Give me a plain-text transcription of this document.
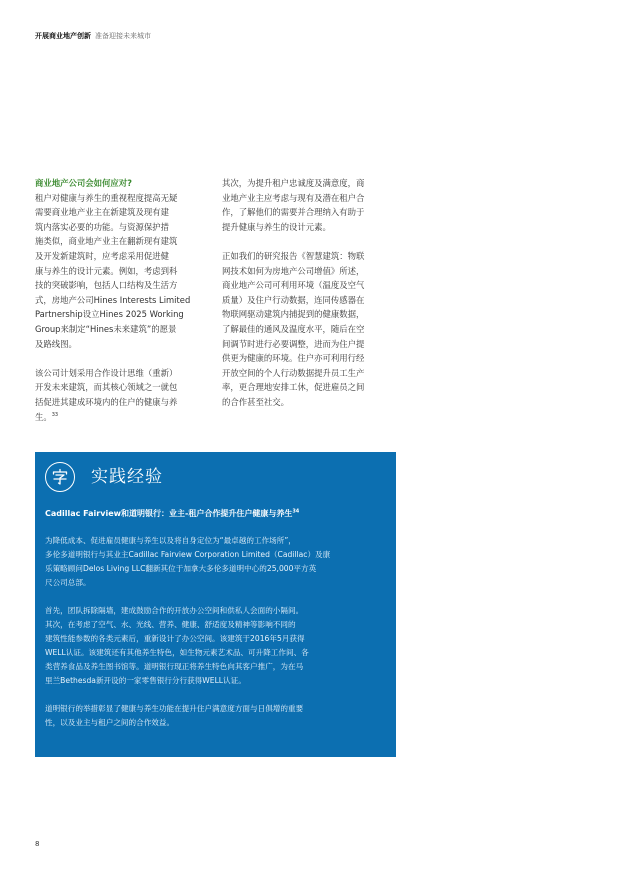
开展商业地产创新 准备迎接未来城市

商业地产公司会如何应对?

租户对健康与养生的重视程度提高无疑
需要商业地产业主在新建筑及现有建
筑内落实必要的功能。与资源保护措
施类似，商业地产业主在翻新现有建筑
及开发新建筑时，应考虑采用促进健
康与养生的设计元素。例如，考虑到科
技的突破影响，包括人口结构及生活方
式，房地产公司Hines Interests Limited
Partnership设立Hines 2025 Working
Group来制定“Hines未来建筑”的愿景
及路线图。

该公司计划采用合作设计思维（重新）
开发未来建筑，而其核心领域之一就包
括促进其建成环境内的住户的健康与养
生。$^{33}$

其次，为提升租户忠诚度及满意度，商
业地产业主应考虑与现有及潜在租户合
作，了解他们的需要并合理纳入有助于
提升健康与养生的设计元素。

正如我们的研究报告《智慧建筑：物联
网技术如何为房地产公司增值》所述，
商业地产公司可利用环境（温度及空气
质量）及住户行动数据，连同传感器在
物联网驱动建筑内捕捉到的健康数据，
了解最佳的通风及温度水平，随后在空
间调节时进行必要调整，进而为住户提
供更为健康的环境。住户亦可利用行经
开放空间的个人行动数据提升员工生产
率，更合理地安排工休，促进雇员之间
的合作甚至社交。

实践经验
Cadillac Fairview和道明银行：业主-租户合作提升住户健康与养生$^{34}$

为降低成本、促进雇员健康与养生以及将自身定位为“最卓越的工作场所”，
多伦多道明银行与其业主Cadillac Fairview Corporation Limited（Cadillac）及康
乐策略顾问Delos Living LLC翻新其位于加拿大多伦多道明中心的25,000平方英
尺公司总部。

首先，团队拆除隔墙，建成鼓励合作的开放办公空间和供私人会面的小隔间。
其次，在考虑了空气、水、光线、营养、健康、舒适度及精神等影响不同的
建筑性能参数的各类元素后，重新设计了办公空间。该建筑于2016年5月获得
WELL认证。该建筑还有其他养生特色，如生物元素艺术品、可升降工作间、各
类营养食品及养生图书馆等。道明银行现正将养生特色向其客户推广，为在马
里兰Bethesda新开设的一家零售银行分行获得WELL认证。

道明银行的举措彰显了健康与养生功能在提升住户满意度方面与日俱增的重要
性，以及业主与租户之间的合作效益。

8
